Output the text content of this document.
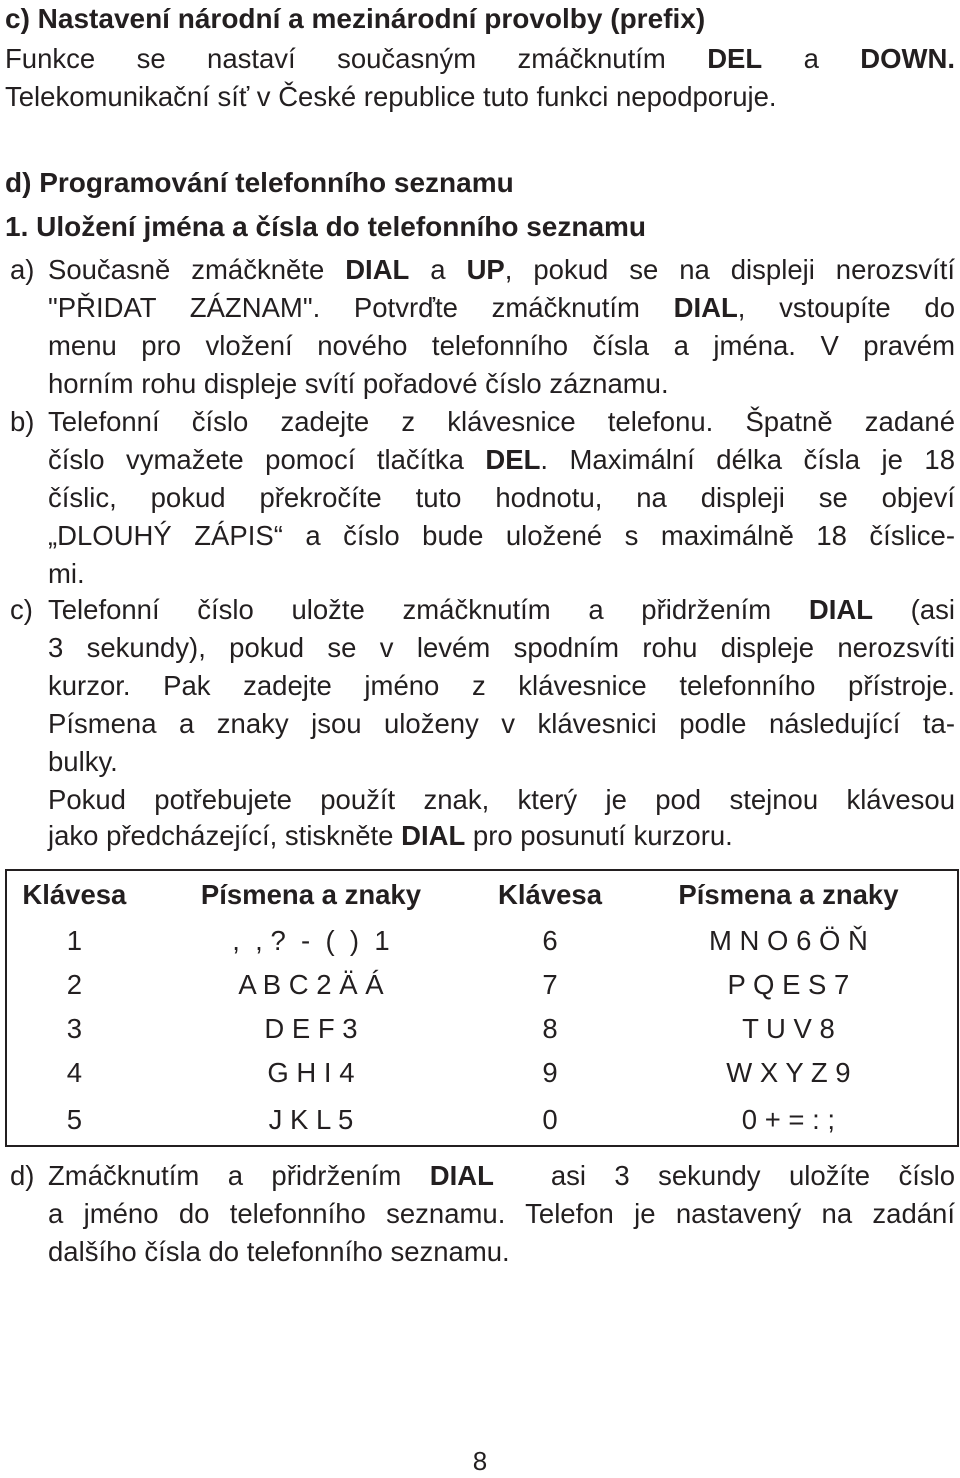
c) Nastavení národní a mezinárodní provolby (prefix)
Funkce se nastaví současným zmáčknutím DEL a DOWN.
Telekomunikační síť v České republice tuto funkci nepodporuje.
d) Programování telefonního seznamu
1. Uložení jména a čísla do telefonního seznamu
a) Současně zmáčkněte DIAL a UP, pokud se na displeji nerozsvítí
"PŘIDAT ZÁZNAM". Potvrďte zmáčknutím DIAL, vstoupíte do
menu pro vložení nového telefonního čísla a jména. V pravém
horním rohu displeje svítí pořadové číslo záznamu.
b) Telefonní číslo zadejte z klávesnice telefonu. Špatně zadané
číslo vymažete pomocí tlačítka DEL. Maximální délka čísla je 18
číslic, pokud překročíte tuto hodnotu, na displeji se objeví
„DLOUHÝ ZÁPIS“ a číslo bude uložené s maximálně 18 číslice-
mi.
c) Telefonní číslo uložte zmáčknutím a přidržením DIAL (asi
3 sekundy), pokud se v levém spodním rohu displeje nerozsvíti
kurzor. Pak zadejte jméno z klávesnice telefonního přístroje.
Písmena a znaky jsou uloženy v klávesnici podle následující ta-
bulky.
Pokud potřebujete použít znak, který je pod stejnou klávesou
jako předcházející, stiskněte DIAL pro posunutí kurzoru.
Klávesa	Písmena a znaky	Klávesa	Písmena a znaky
1	,  , ?  -  (  )  1	6	M N O 6 Ö Ň
2	A B C 2 Ä Á	7	P Q E S 7
3	D E F 3	8	T U V 8
4	G H I 4	9	W X Y Z 9
5	J K L 5	0	0 + = : ;
d) Zmáčknutím a přidržením DIAL  asi 3 sekundy uložíte číslo
a jméno do telefonního seznamu. Telefon je nastavený na zadání
dalšího čísla do telefonního seznamu.
8
